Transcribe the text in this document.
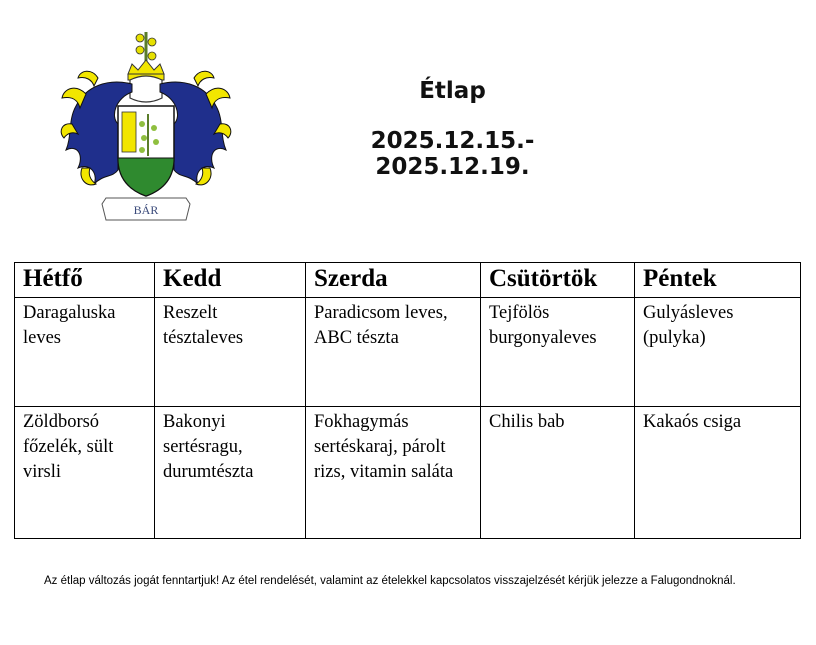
BÁR
Étlap
2025.12.15.- 2025.12.19.
Hétfő	Kedd	Szerda	Csütörtök	Péntek
Daragaluska leves	Reszelt tésztaleves	Paradicsom leves, ABC tészta	Tejfölös burgonyaleves	Gulyásleves (pulyka)
Zöldborsó főzelék, sült virsli	Bakonyi sertésragu, durumtészta	Fokhagymás sertéskaraj, párolt rizs, vitamin saláta	Chilis bab	Kakaós csiga
Az étlap változás jogát fenntartjuk! Az étel rendelését, valamint az ételekkel kapcsolatos visszajelzését kérjük jelezze a Falugondnoknál.
